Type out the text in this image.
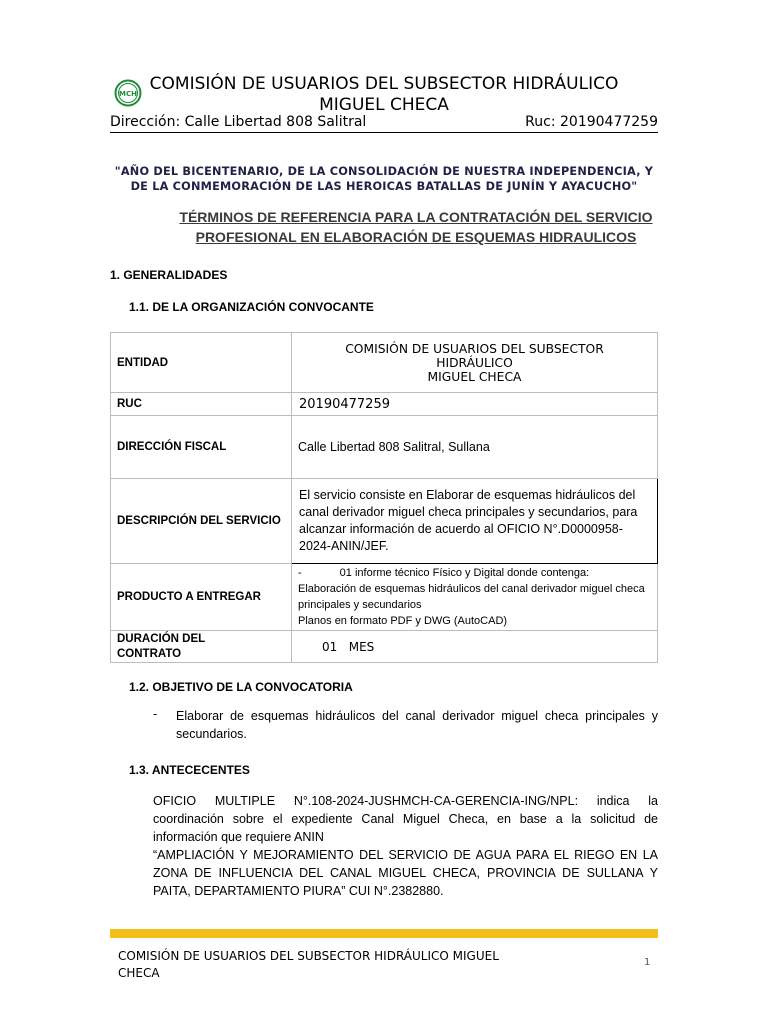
MCH COMISIÓN DE USUARIOS DEL SUBSECTOR HIDRÁULICO
MIGUEL CHECA
Dirección: Calle Libertad 808 Salitral	Ruc: 20190477259
"AÑO DEL BICENTENARIO, DE LA CONSOLIDACIÓN DE NUESTRA INDEPENDENCIA, Y
DE LA CONMEMORACIÓN DE LAS HEROICAS BATALLAS DE JUNÍN Y AYACUCHO"
TÉRMINOS DE REFERENCIA PARA LA CONTRATACIÓN DEL SERVICIO
PROFESIONAL EN ELABORACIÓN DE ESQUEMAS HIDRAULICOS
1. GENERALIDADES
1.1. DE LA ORGANIZACIÓN CONVOCANTE
ENTIDAD	COMISIÓN DE USUARIOS DEL SUBSECTOR
HIDRÁULICO
MIGUEL CHECA

RUC	20190477259
DIRECCIÓN FISCAL	Calle Libertad 808 Salitral, Sullana
DESCRIPCIÓN DEL SERVICIO	El servicio consiste en Elaborar de esquemas hidráulicos del canal derivador miguel checa principales y secundarios, para alcanzar información de acuerdo al OFICIO N°.D0000958-2024-ANIN/JEF.
PRODUCTO A ENTREGAR	- 01 informe técnico Físico y Digital donde contenga:
Elaboración de esquemas hidráulicos del canal derivador miguel checa principales y secundarios
Planos en formato PDF y DWG (AutoCAD)

DURACIÓN DEL
CONTRATO	01   MES
1.2. OBJETIVO DE LA CONVOCATORIA
- Elaborar de esquemas hidráulicos del canal derivador miguel checa principales y secundarios.
1.3. ANTECECENTES

OFICIO MULTIPLE N°.108-2024-JUSHMCH-CA-GERENCIA-ING/NPL: indica la coordinación sobre el expediente Canal Miguel Checa, en base a la solicitud de información que requiere ANIN

“AMPLIACIÓN Y MEJORAMIENTO DEL SERVICIO DE AGUA PARA EL RIEGO EN LA ZONA DE INFLUENCIA DEL CANAL MIGUEL CHECA, PROVINCIA DE SULLANA Y PAITA, DEPARTAMIENTO PIURA” CUI N°.2382880.

COMISIÓN DE USUARIOS DEL SUBSECTOR HIDRÁULICO MIGUEL
CHECA
1
